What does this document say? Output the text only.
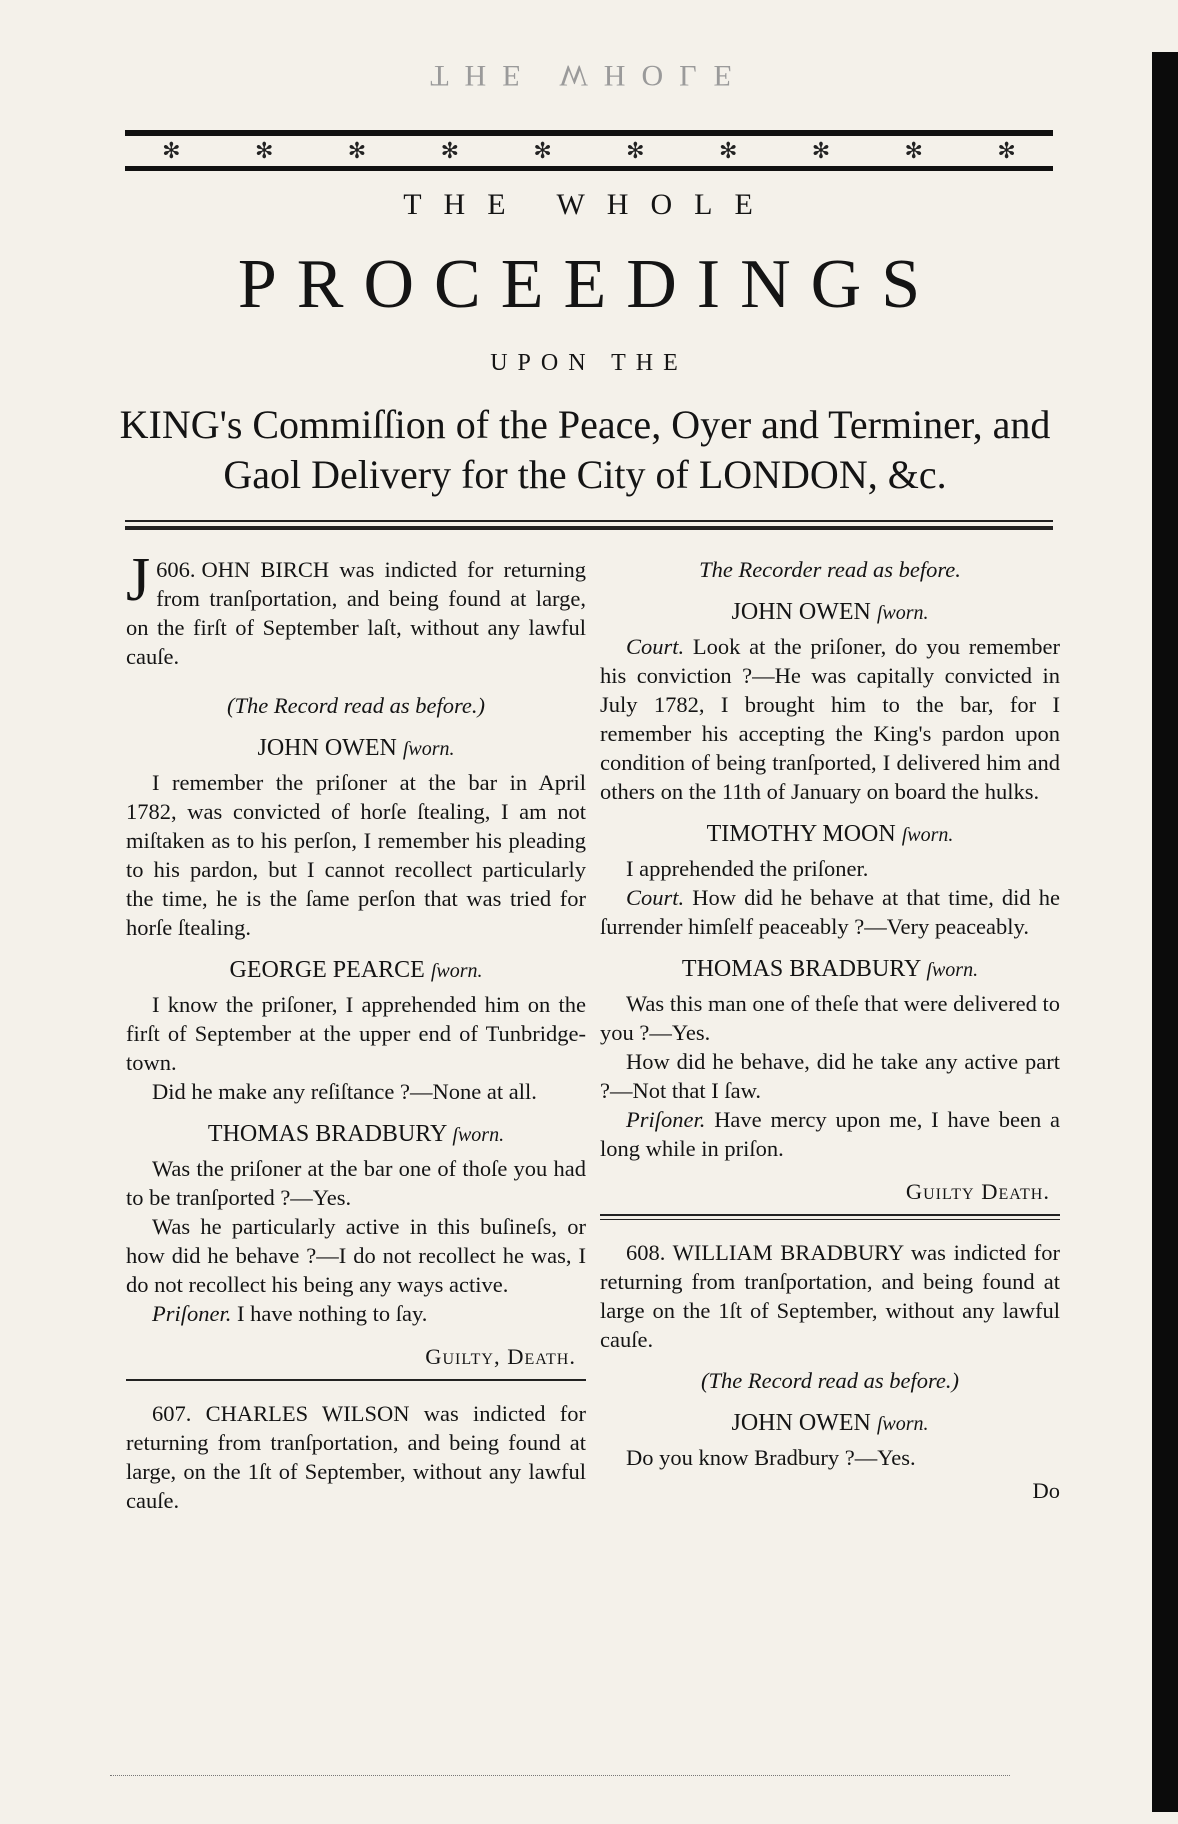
THE WHOLE
✻	✻	✻	✻	✻	✻	✻	✻	✻	✻
THE WHOLE
PROCEEDINGS
UPON THE
KING's Commiſſion of the Peace, Oyer and Terminer, and
Gaol Delivery for the City of LONDON, &c.

606.
J OHN BIRCH was indicted for returning from tranſportation, and being found at large, on the firſt of September laſt, without any lawful cauſe.

(The Record read as before.)

JOHN OWEN ſworn.

I remember the priſoner at the bar in April 1782, was convicted of horſe ſtealing, I am not miſtaken as to his perſon, I remember his pleading to his pardon, but I cannot recollect particularly the time, he is the ſame perſon that was tried for horſe ſtealing.

GEORGE PEARCE ſworn.

I know the priſoner, I apprehended him on the firſt of September at the upper end of Tunbridge-town.

Did he make any reſiſtance ?—None at all.

THOMAS BRADBURY ſworn.

Was the priſoner at the bar one of thoſe you had to be tranſported ?—Yes.

Was he particularly active in this buſineſs, or how did he behave ?—I do not recollect he was, I do not recollect his being any ways active.

Priſoner. I have nothing to ſay.

Guilty, Death.

607. CHARLES WILSON was indicted for returning from tranſportation, and being found at large, on the 1ſt of September, without any lawful cauſe.

The Recorder read as before.

JOHN OWEN ſworn.

Court. Look at the priſoner, do you remember his conviction ?—He was capitally convicted in July 1782, I brought him to the bar, for I remember his accepting the King's pardon upon condition of being tranſported, I delivered him and others on the 11th of January on board the hulks.

TIMOTHY MOON ſworn.

I apprehended the priſoner.

Court. How did he behave at that time, did he ſurrender himſelf peaceably ?—Very peaceably.

THOMAS BRADBURY ſworn.

Was this man one of theſe that were delivered to you ?—Yes.

How did he behave, did he take any active part ?—Not that I ſaw.

Priſoner. Have mercy upon me, I have been a long while in priſon.

Guilty Death.

608. WILLIAM BRADBURY was indicted for returning from tranſportation, and being found at large on the 1ſt of September, without any lawful cauſe.

(The Record read as before.)

JOHN OWEN ſworn.

Do you know Bradbury ?—Yes.

Do
